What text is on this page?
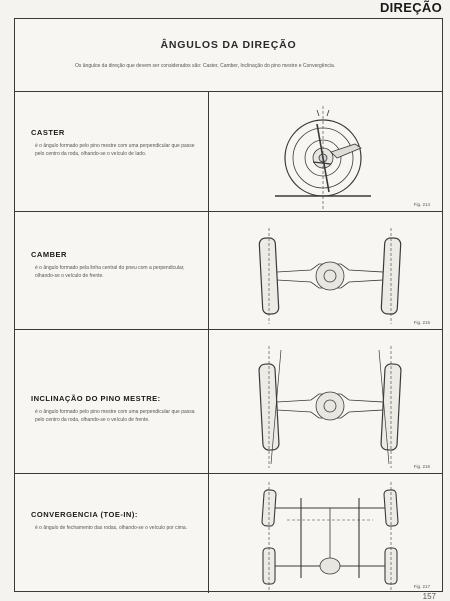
DIREÇÃO
ÂNGULOS DA DIREÇÃO
Os ângulos da direção que devem ser considerados são: Caster, Camber, Inclinação do pino mestre e Convergência.
CASTER
é o ângulo formado pelo pino mestre com uma perpendicular que passe pelo centro da roda, olhando-se o veículo de lado.
Fig. 214
CAMBER
é o ângulo formado pela linha central do pneu com a perpendicular, olhando-se o veículo de frente.
Fig. 215
INCLINAÇÃO DO PINO MESTRE:
é o ângulo formado pelo pino mestre com uma perpendicular que passa pelo centro da roda, olhando-se o veículo de frente.
Fig. 216
CONVERGENCIA (TOE-IN):
é o ângulo de fechamento das rodas, olhando-se o veículo por cima.
Fig. 217
157
